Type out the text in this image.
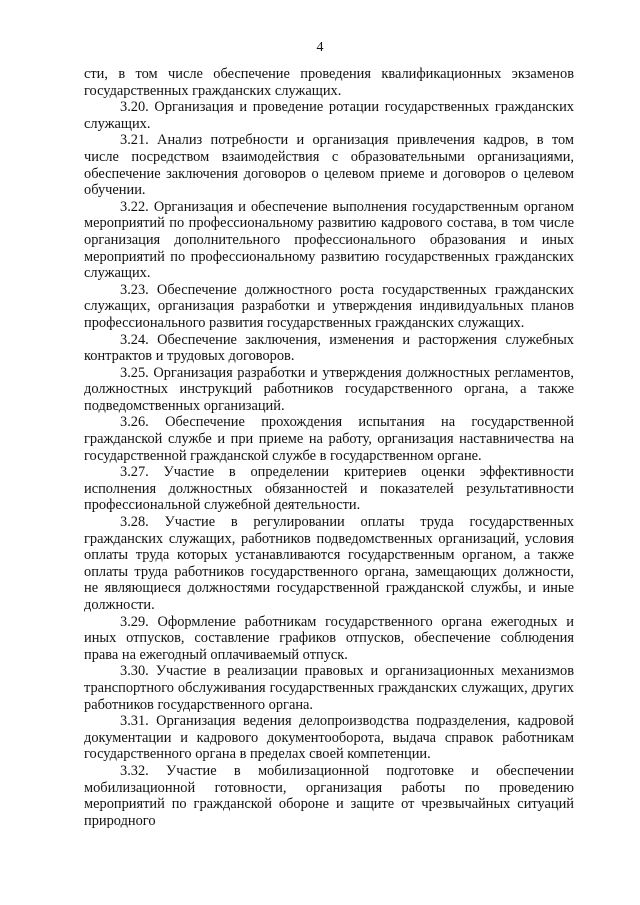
4

сти, в том числе обеспечение проведения квалификационных экзаменов государственных гражданских служащих.

3.20. Организация и проведение ротации государственных гражданских служащих.

3.21. Анализ потребности и организация привлечения кадров, в том числе посредством взаимодействия с образовательными организациями, обеспечение заключения договоров о целевом приеме и договоров о целевом обучении.

3.22. Организация и обеспечение выполнения государственным органом мероприятий по профессиональному развитию кадрового состава, в том числе организация дополнительного профессионального образования и иных мероприятий по профессиональному развитию государственных гражданских служащих.

3.23. Обеспечение должностного роста государственных гражданских служащих, организация разработки и утверждения индивидуальных планов профессионального развития государственных гражданских служащих.

3.24. Обеспечение заключения, изменения и расторжения служебных контрактов и трудовых договоров.

3.25. Организация разработки и утверждения должностных регламентов, должностных инструкций работников государственного органа, а также подведомственных организаций.

3.26. Обеспечение прохождения испытания на государственной гражданской службе и при приеме на работу, организация наставничества на государственной гражданской службе в государственном органе.

3.27. Участие в определении критериев оценки эффективности исполнения должностных обязанностей и показателей результативности профессиональной служебной деятельности.

3.28. Участие в регулировании оплаты труда государственных гражданских служащих, работников подведомственных организаций, условия оплаты труда которых устанавливаются государственным органом, а также оплаты труда работников государственного органа, замещающих должности, не являющиеся должностями государственной гражданской службы, и иные должности.

3.29. Оформление работникам государственного органа ежегодных и иных отпусков, составление графиков отпусков, обеспечение соблюдения права на ежегодный оплачиваемый отпуск.

3.30. Участие в реализации правовых и организационных механизмов транспортного обслуживания государственных гражданских служащих, других работников государственного органа.

3.31. Организация ведения делопроизводства подразделения, кадровой документации и кадрового документооборота, выдача справок работникам государственного органа в пределах своей компетенции.

3.32. Участие в мобилизационной подготовке и обеспечении мобилизационной готовности, организация работы по проведению мероприятий по гражданской обороне и защите от чрезвычайных ситуаций природного
